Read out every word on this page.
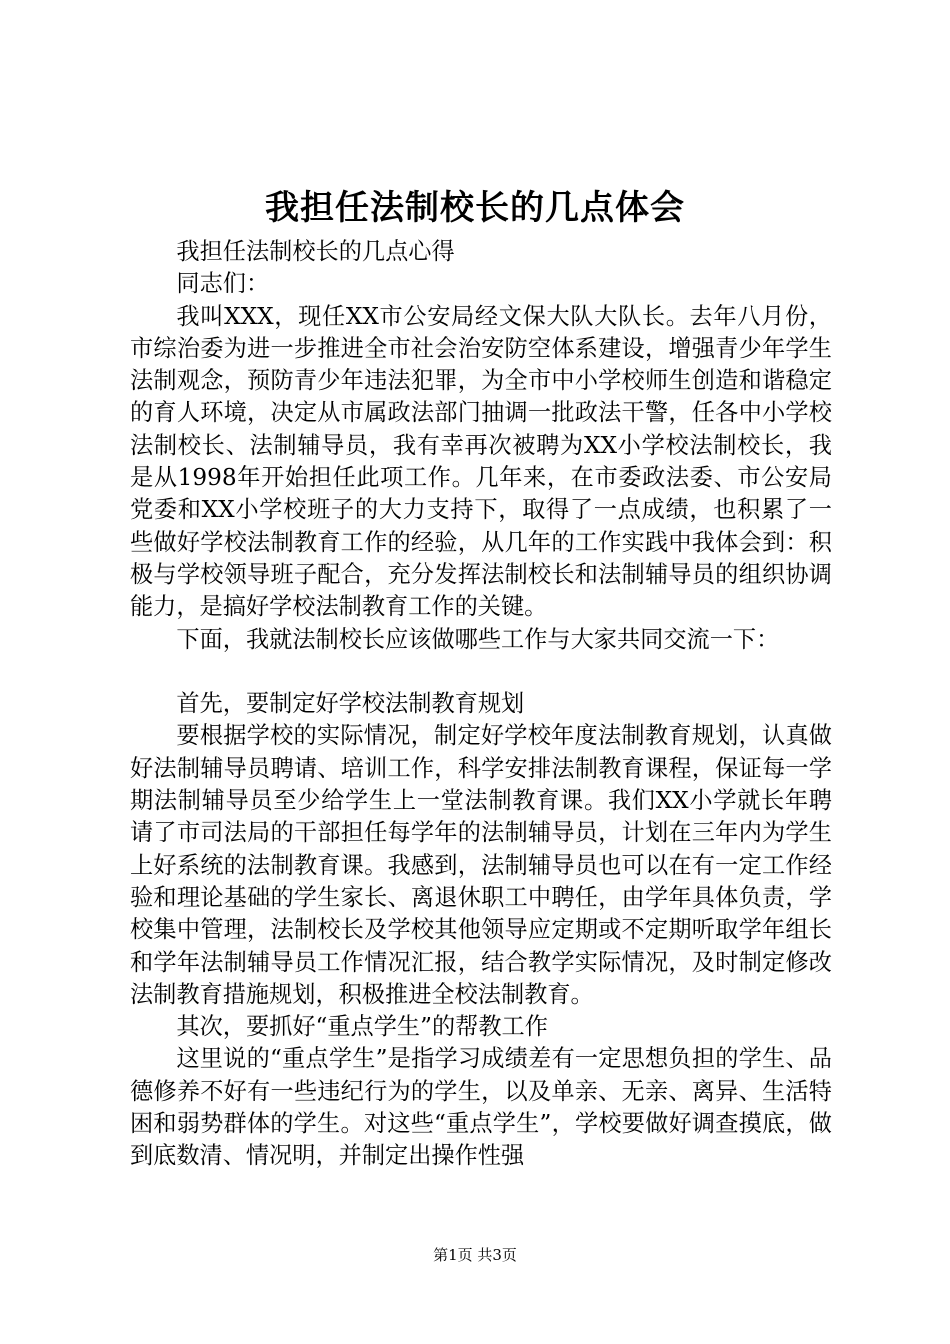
我担任法制校长的几点体会

我担任法制校长的几点心得

同志们：

我叫XXX，现任XX市公安局经文保大队大队长。去年八月份，市综治委为进一步推进全市社会治安防空体系建设，增强青少年学生法制观念，预防青少年违法犯罪，为全市中小学校师生创造和谐稳定的育人环境，决定从市属政法部门抽调一批政法干警，任各中小学校法制校长、法制辅导员，我有幸再次被聘为XX小学校法制校长，我是从1998年开始担任此项工作。几年来，在市委政法委、市公安局党委和XX小学校班子的大力支持下，取得了一点成绩，也积累了一些做好学校法制教育工作的经验，从几年的工作实践中我体会到：积极与学校领导班子配合，充分发挥法制校长和法制辅导员的组织协调能力，是搞好学校法制教育工作的关键。

下面，我就法制校长应该做哪些工作与大家共同交流一下：

首先，要制定好学校法制教育规划

要根据学校的实际情况，制定好学校年度法制教育规划，认真做好法制辅导员聘请、培训工作，科学安排法制教育课程，保证每一学期法制辅导员至少给学生上一堂法制教育课。我们XX小学就长年聘请了市司法局的干部担任每学年的法制辅导员，计划在三年内为学生上好系统的法制教育课。我感到，法制辅导员也可以在有一定工作经验和理论基础的学生家长、离退休职工中聘任，由学年具体负责，学校集中管理，法制校长及学校其他领导应定期或不定期听取学年组长和学年法制辅导员工作情况汇报，结合教学实际情况，及时制定修改法制教育措施规划，积极推进全校法制教育。

其次，要抓好“重点学生”的帮教工作

这里说的“重点学生”是指学习成绩差有一定思想负担的学生、品德修养不好有一些违纪行为的学生，以及单亲、无亲、离异、生活特困和弱势群体的学生。对这些“重点学生”，学校要做好调查摸底，做到底数清、情况明，并制定出操作性强

第1页 共3页
